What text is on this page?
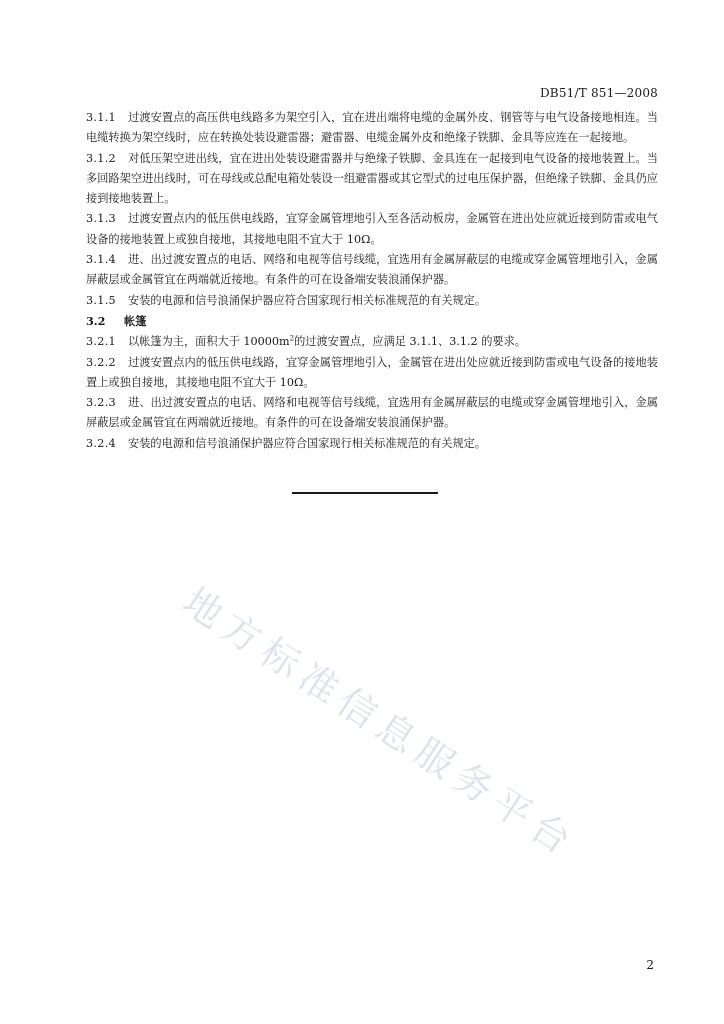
DB51/T 851—2008

3.1.1 过渡安置点的高压供电线路多为架空引入，宜在进出端将电缆的金属外皮、钢管等与电气设备接地相连。当电缆转换为架空线时，应在转换处装设避雷器；避雷器、电缆金属外皮和绝缘子铁脚、金具等应连在一起接地。

3.1.2 对低压架空进出线，宜在进出处装设避雷器并与绝缘子铁脚、金具连在一起接到电气设备的接地装置上。当多回路架空进出线时，可在母线或总配电箱处装设一组避雷器或其它型式的过电压保护器，但绝缘子铁脚、金具仍应接到接地装置上。

3.1.3 过渡安置点内的低压供电线路，宜穿金属管埋地引入至各活动板房，金属管在进出处应就近接到防雷或电气设备的接地装置上或独自接地，其接地电阻不宜大于 10Ω。

3.1.4 进、出过渡安置点的电话、网络和电视等信号线缆，宜选用有金属屏蔽层的电缆或穿金属管埋地引入，金属屏蔽层或金属管宜在两端就近接地。有条件的可在设备端安装浪涌保护器。

3.1.5 安装的电源和信号浪涌保护器应符合国家现行相关标准规范的有关规定。

3.2 帐篷

3.2.1 以帐篷为主，面积大于 $10000m^2$的过渡安置点，应满足 3.1.1、3.1.2 的要求。

3.2.2 过渡安置点内的低压供电线路，宜穿金属管埋地引入，金属管在进出处应就近接到防雷或电气设备的接地装置上或独自接地，其接地电阻不宜大于 10Ω。

3.2.3 进、出过渡安置点的电话、网络和电视等信号线缆，宜选用有金属屏蔽层的电缆或穿金属管埋地引入，金属屏蔽层或金属管宜在两端就近接地。有条件的可在设备端安装浪涌保护器。

3.2.4 安装的电源和信号浪涌保护器应符合国家现行相关标准规范的有关规定。

地方标准信息服务平台
2
